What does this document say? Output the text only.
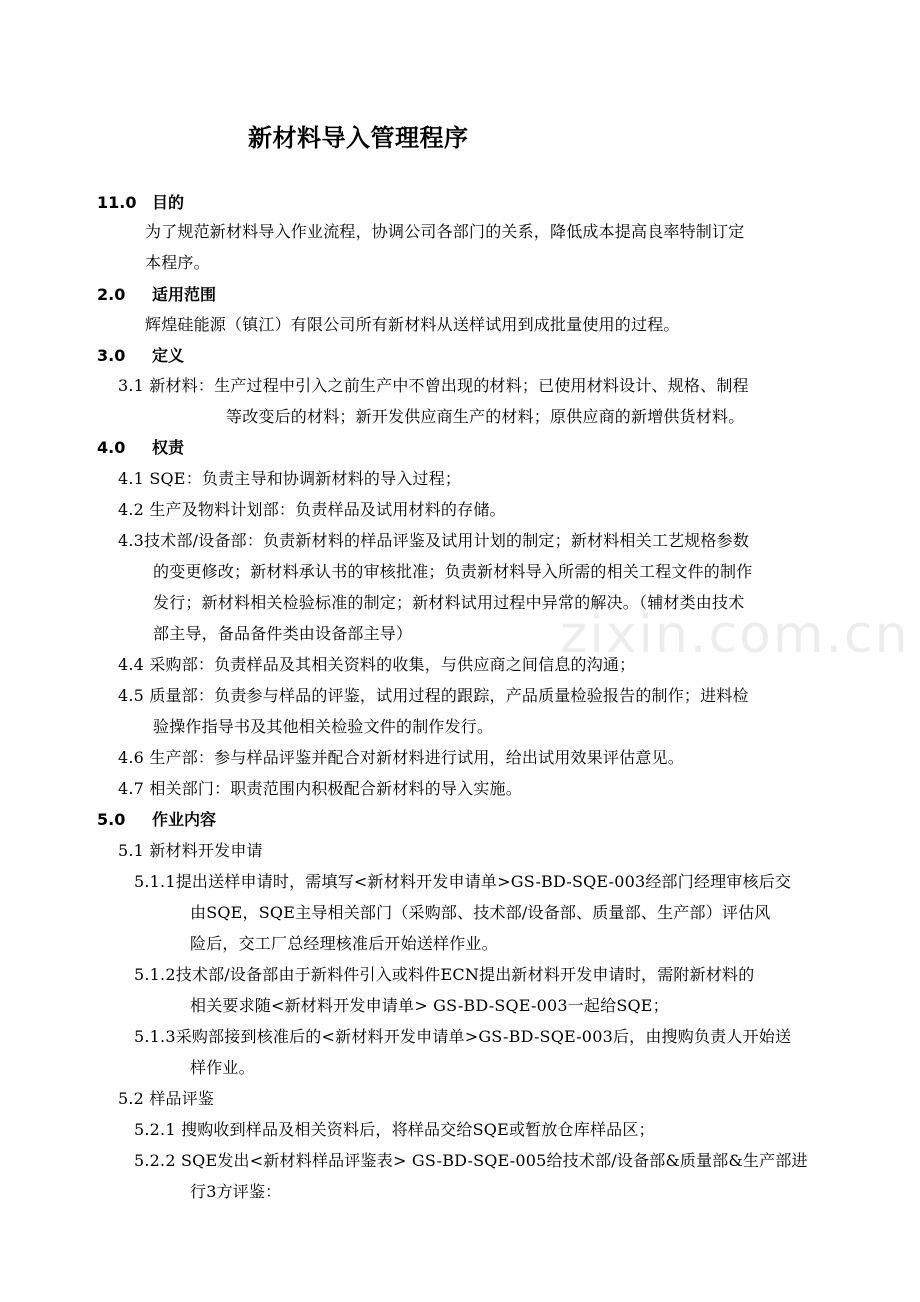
zixin.com.cn
新材料导入管理程序
11.0 目的
为了规范新材料导入作业流程，协调公司各部门的关系，降低成本提高良率特制订定
本程序。
2.0 适用范围
辉煌硅能源（镇江）有限公司所有新材料从送样试用到成批量使用的过程。
3.0 定义
3.1 新材料：生产过程中引入之前生产中不曾出现的材料；已使用材料设计、规格、制程
等改变后的材料；新开发供应商生产的材料；原供应商的新增供货材料。
4.0 权责
4.1 SQE：负责主导和协调新材料的导入过程；
4.2 生产及物料计划部：负责样品及试用材料的存储。
4.3技术部/设备部：负责新材料的样品评鉴及试用计划的制定；新材料相关工艺规格参数
的变更修改；新材料承认书的审核批准；负责新材料导入所需的相关工程文件的制作
发行；新材料相关检验标准的制定；新材料试用过程中异常的解决。（辅材类由技术
部主导，备品备件类由设备部主导）
4.4 采购部：负责样品及其相关资料的收集，与供应商之间信息的沟通；
4.5 质量部：负责参与样品的评鉴，试用过程的跟踪，产品质量检验报告的制作；进料检
验操作指导书及其他相关检验文件的制作发行。
4.6 生产部：参与样品评鉴并配合对新材料进行试用，给出试用效果评估意见。
4.7 相关部门：职责范围内积极配合新材料的导入实施。
5.0 作业内容
5.1 新材料开发申请
5.1.1提出送样申请时，需填写<新材料开发申请单>GS-BD-SQE-003经部门经理审核后交
由SQE，SQE主导相关部门（采购部、技术部/设备部、质量部、生产部）评估风
险后，交工厂总经理核准后开始送样作业。
5.1.2技术部/设备部由于新料件引入或料件ECN提出新材料开发申请时，需附新材料的
相关要求随<新材料开发申请单> GS-BD-SQE-003一起给SQE；
5.1.3采购部接到核准后的<新材料开发申请单>GS-BD-SQE-003后，由搜购负责人开始送
样作业。
5.2 样品评鉴
5.2.1 搜购收到样品及相关资料后，将样品交给SQE或暂放仓库样品区；
5.2.2 SQE发出<新材料样品评鉴表> GS-BD-SQE-005给技术部/设备部&质量部&生产部进
行3方评鉴：
